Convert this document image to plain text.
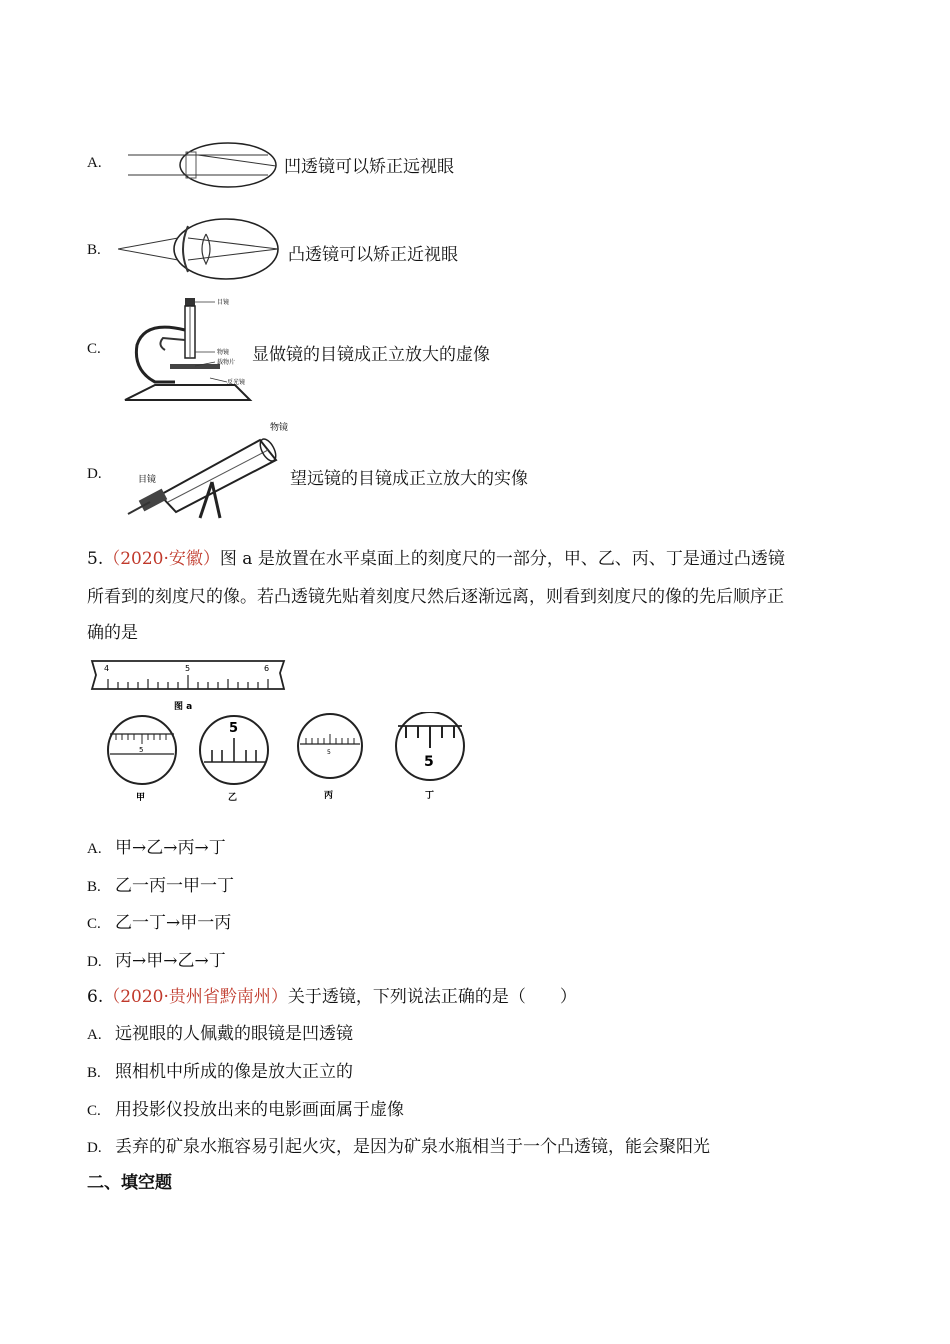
A.	凹透镜可以矫正远视眼
B.	凸透镜可以矫正近视眼
C.
目镜
物镜
载物片
反光镜
显做镜的目镜成正立放大的虚像
D.
物镜
目镜	望远镜的目镜成正立放大的实像
5.（2020·安徽）图 a 是放置在水平桌面上的刻度尺的一部分，甲、乙、丙、丁是通过凸透镜
所看到的刻度尺的像。若凸透镜先贴着刻度尺然后逐渐远离，则看到刻度尺的像的先后顺序正
确的是
4	5	6
图 a
5
甲
5
乙
5
丙
5
丁
A. 甲→乙→丙→丁
B. 乙一丙一甲一丁
C. 乙一丁→甲一丙
D. 丙→甲→乙→丁
6.（2020·贵州省黔南州）关于透镜，下列说法正确的是（　　）
A. 远视眼的人佩戴的眼镜是凹透镜
B. 照相机中所成的像是放大正立的
C. 用投影仪投放出来的电影画面属于虚像
D. 丢弃的矿泉水瓶容易引起火灾，是因为矿泉水瓶相当于一个凸透镜，能会聚阳光
二、填空题
